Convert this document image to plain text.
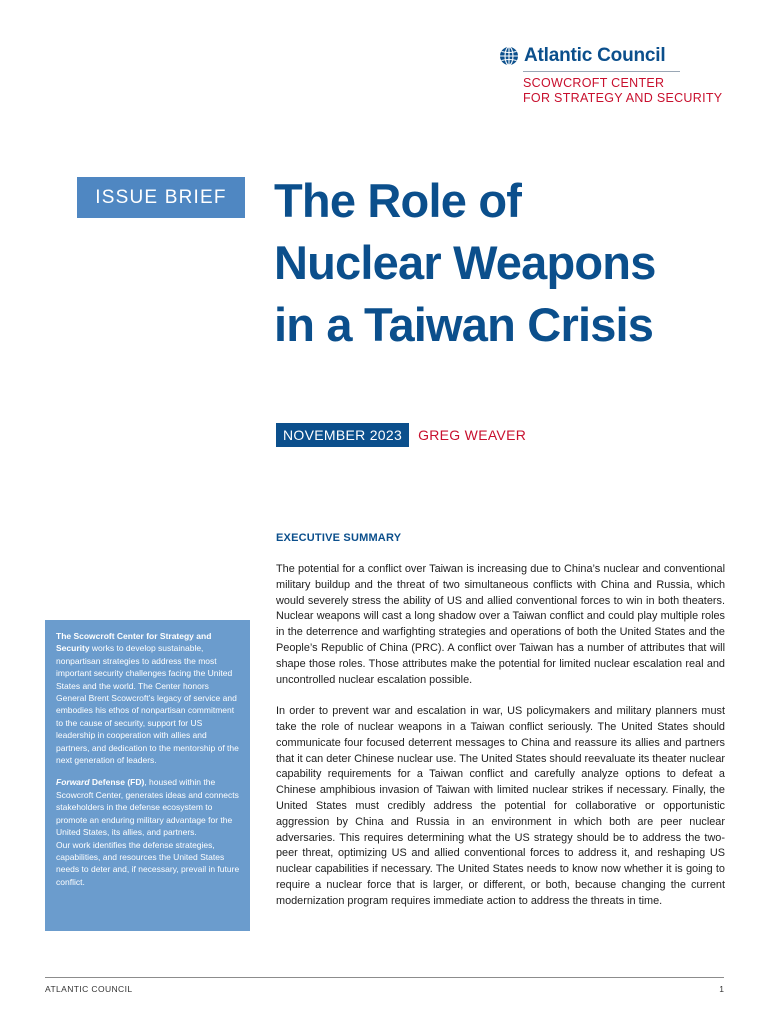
Atlantic Council
SCOWCROFT CENTER
FOR STRATEGY AND SECURITY
ISSUE BRIEF	The Role of
Nuclear Weapons
in a Taiwan Crisis
NOVEMBER 2023	GREG WEAVER
EXECUTIVE SUMMARY

The potential for a conflict over Taiwan is increasing due to China’s nuclear and conventional military buildup and the threat of two simultaneous conflicts with China and Russia, which would severely stress the ability of US and allied conventional forces to win in both theaters. Nuclear weapons will cast a long shadow over a Taiwan conflict and could play multiple roles in the deterrence and warfighting strategies and operations of both the United States and the People’s Republic of China (PRC). A conflict over Taiwan has a number of attributes that will shape those roles. Those attributes make the potential for limited nuclear escalation real and uncontrolled nuclear escalation possible.

In order to prevent war and escalation in war, US policymakers and military planners must take the role of nuclear weapons in a Taiwan conflict seriously. The United States should communicate four focused deterrent messages to China and reassure its allies and partners that it can deter Chinese nuclear use. The United States should reevaluate its theater nuclear capability requirements for a Taiwan conflict and carefully analyze options to defeat a Chinese amphibious invasion of Taiwan with limited nuclear strikes if necessary. Finally, the United States must credibly address the potential for collaborative or opportunistic aggression by China and Russia in an environment in which both are peer nuclear adversaries. This requires determining what the US strategy should be to address the two-peer threat, optimizing US and allied conventional forces to address it, and reshaping US nuclear capabilities if necessary. The United States needs to know now whether it is going to require a nuclear force that is larger, or different, or both, because changing the current modernization program requires immediate action to address the threats in time.

The Scowcroft Center for Strategy and Security works to develop sustainable, nonpartisan strategies to address the most important security challenges facing the United States and the world. The Center honors General Brent Scowcroft’s legacy of service and embodies his ethos of nonpartisan commitment to the cause of security, support for US leadership in cooperation with allies and partners, and dedication to the mentorship of the next generation of leaders.

Forward Defense (FD), housed within the Scowcroft Center, generates ideas and connects stakeholders in the defense ecosystem to promote an enduring military advantage for the United States, its allies, and partners.
Our work identifies the defense strategies, capabilities, and resources the United States needs to deter and, if necessary, prevail in future conflict.

ATLANTIC COUNCIL	1
